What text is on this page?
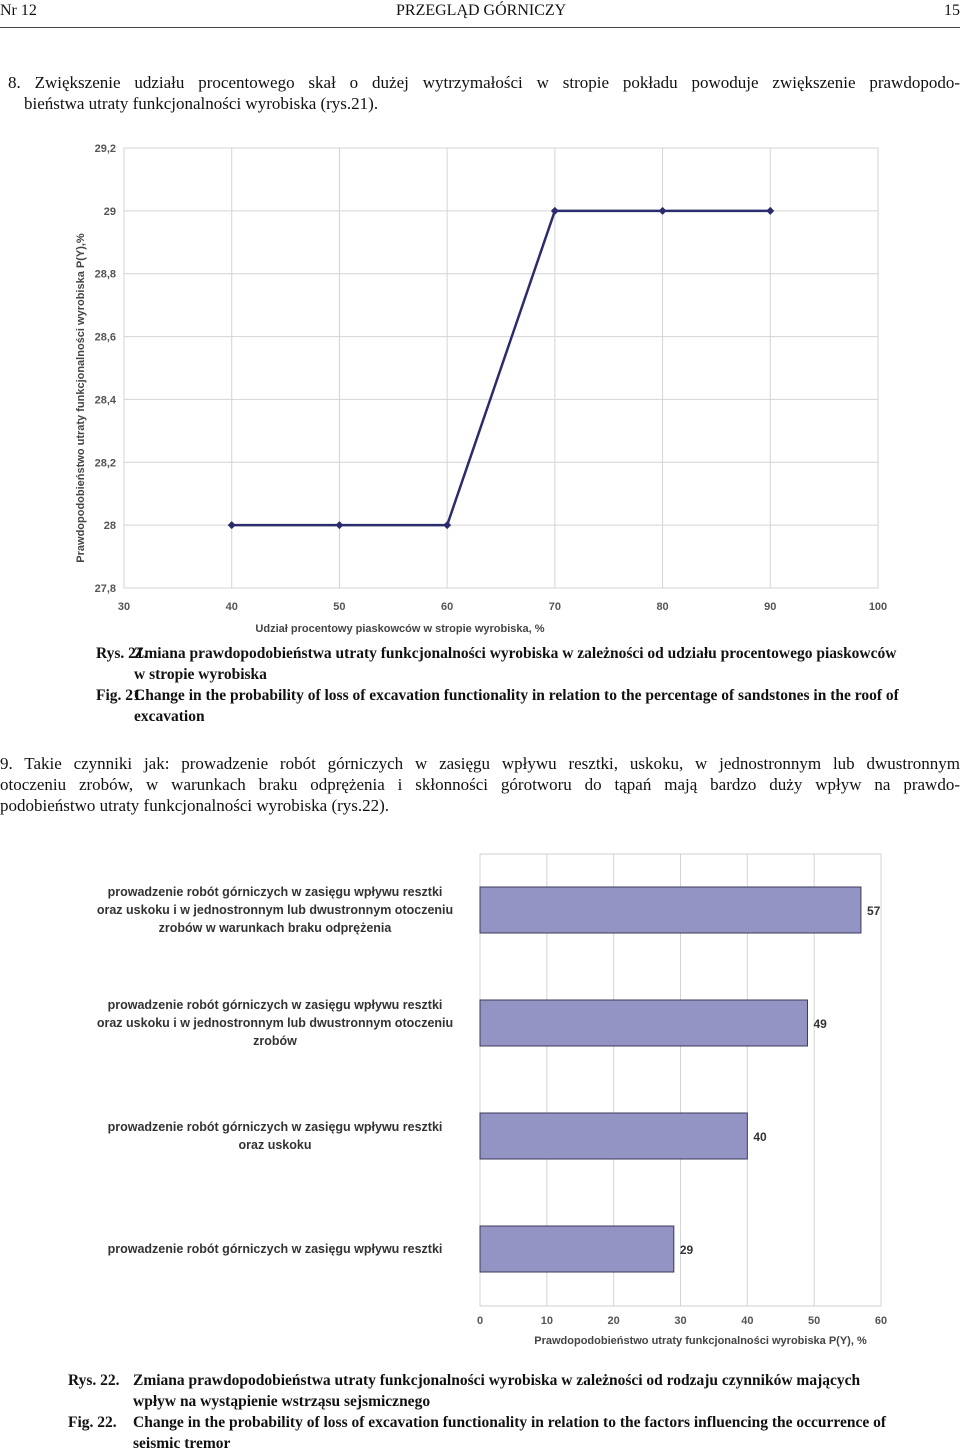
Nr 12	PRZEGLĄD GÓRNICZY	15
8. Zwiększenie udziału procentowego skał o dużej wytrzymałości w stropie pokładu powoduje zwiększenie prawdopodo-
bieństwa utraty funkcjonalności wyrobiska (rys.21).
30	40	50	60	70	80	90	100
27,8
28
28,2
28,4
28,6
28,8
29
29,2
Udział procentowy piaskowców w stropie wyrobiska, %
Prawdopodobieństwo utraty funkcjonalności wyrobiska P(Y),%
Rys. 21.
Zmiana prawdopodobieństwa utraty funkcjonalności wyrobiska w zależności od udziału procentowego piaskowców w stropie wyrobiska
Fig. 21.
Change in the probability of loss of excavation functionality in relation to the percentage of sandstones in the roof of excavation
9. Takie czynniki jak: prowadzenie robót górniczych w zasięgu wpływu resztki, uskoku, w jednostronnym lub dwustronnym
otoczeniu zrobów, w warunkach braku odprężenia i skłonności górotworu do tąpań mają bardzo duży wpływ na prawdo-
podobieństwo utraty funkcjonalności wyrobiska (rys.22).
0	10	20	30	40	50	60
57
prowadzenie robót górniczych w zasięgu wpływu resztki
oraz uskoku i w jednostronnym lub dwustronnym otoczeniu
zrobów w warunkach braku odprężenia
49
prowadzenie robót górniczych w zasięgu wpływu resztki
oraz uskoku i w jednostronnym lub dwustronnym otoczeniu
zrobów
40
prowadzenie robót górniczych w zasięgu wpływu resztki
oraz uskoku
29
prowadzenie robót górniczych w zasięgu wpływu resztki
Prawdopodobieństwo utraty funkcjonalności wyrobiska P(Y), %
Rys. 22. Zmiana prawdopodobieństwa utraty funkcjonalności wyrobiska w zależności od rodzaju czynników mających wpływ na wystąpienie wstrząsu sejsmicznego
Fig. 22. Change in the probability of loss of excavation functionality in relation to the factors influencing the occurrence of seismic tremor
